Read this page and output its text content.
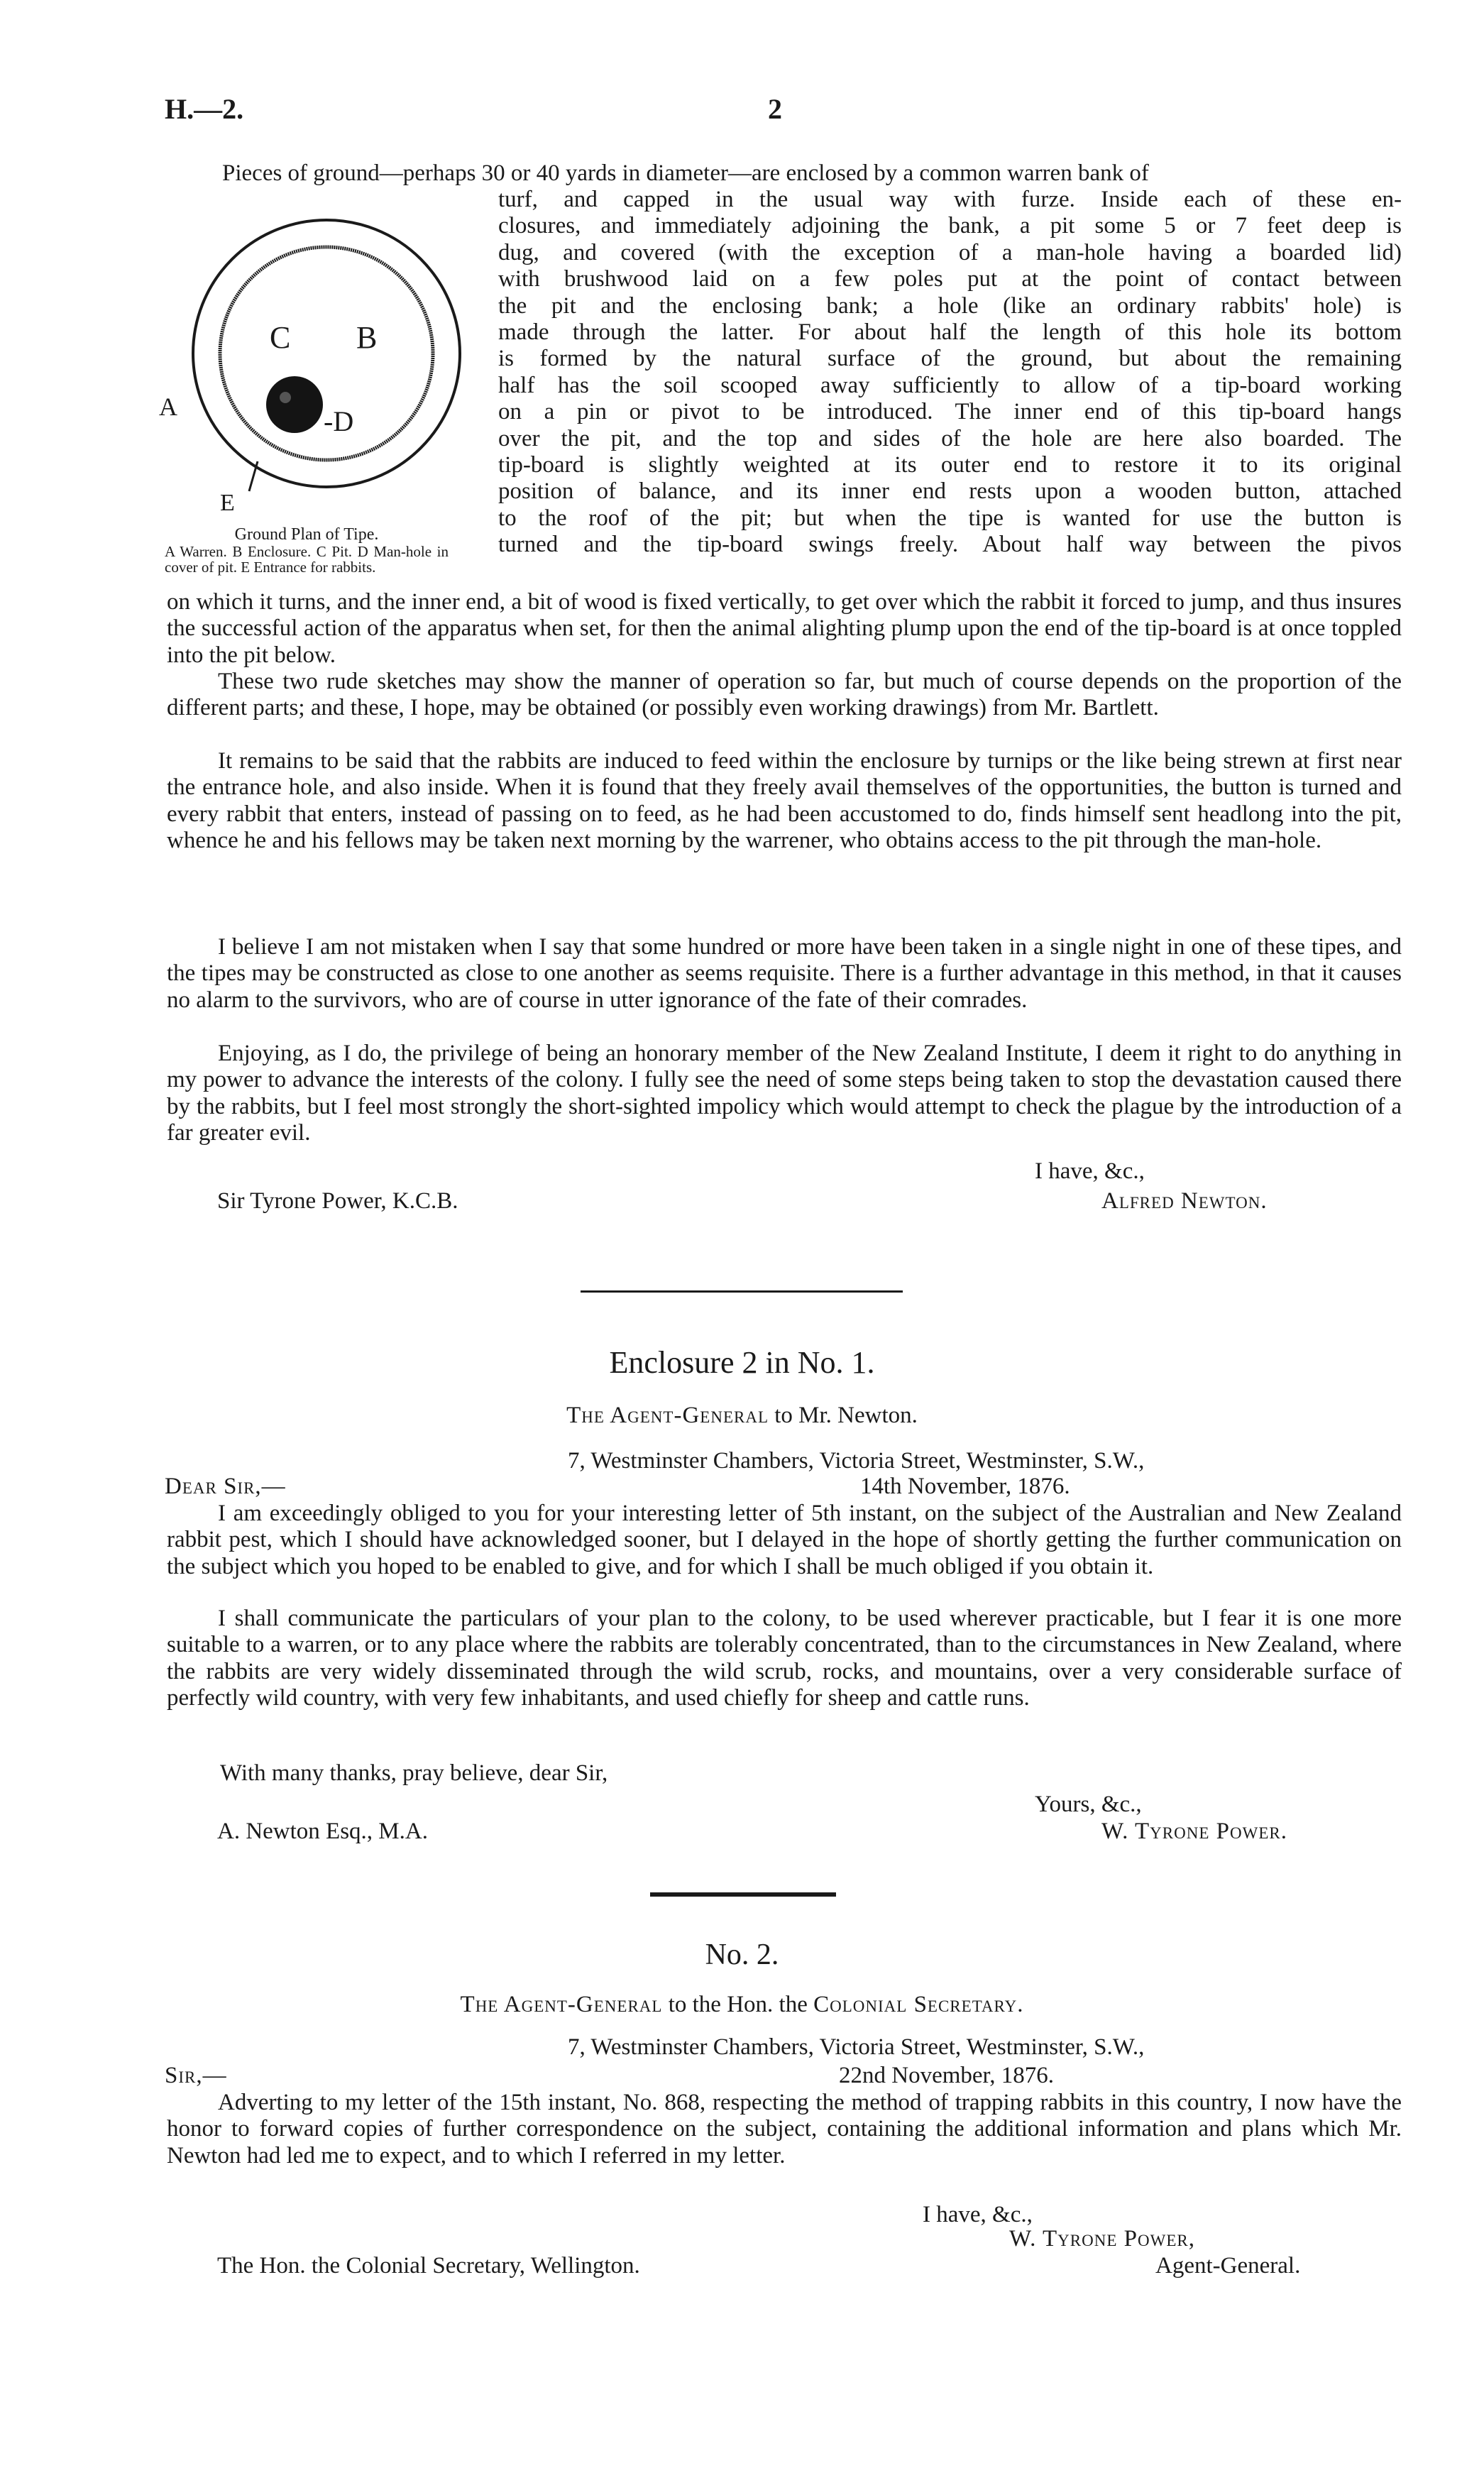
H.—2.	2

Pieces of ground—perhaps 30 or 40 yards in diameter—are enclosed by a common warren bank of

C B
A	-D
E
Ground Plan of Tipe.
A Warren. B Enclosure. C Pit. D Man-hole in cover of pit. E Entrance for rabbits.
turf, and capped in the usual way with furze. Inside each of these en-
closures, and immediately adjoining the bank, a pit some 5 or 7 feet deep is
dug, and covered (with the exception of a man-hole having a boarded lid)
with brushwood laid on a few poles put at the point of contact between
the pit and the enclosing bank; a hole (like an ordinary rabbits' hole) is
made through the latter. For about half the length of this hole its bottom
is formed by the natural surface of the ground, but about the remaining
half has the soil scooped away sufficiently to allow of a tip-board working
on a pin or pivot to be introduced. The inner end of this tip-board hangs
over the pit, and the top and sides of the hole are here also boarded. The
tip-board is slightly weighted at its outer end to restore it to its original
position of balance, and its inner end rests upon a wooden button, attached
to the roof of the pit; but when the tipe is wanted for use the button is
turned and the tip-board swings freely. About half way between the pivos

on which it turns, and the inner end, a bit of wood is fixed vertically, to get over which the rabbit it forced to jump, and thus insures the successful action of the apparatus when set, for then the animal alighting plump upon the end of the tip-board is at once toppled into the pit below.

These two rude sketches may show the manner of operation so far, but much of course depends on the proportion of the different parts; and these, I hope, may be obtained (or possibly even working drawings) from Mr. Bartlett.

It remains to be said that the rabbits are induced to feed within the enclosure by turnips or the like being strewn at first near the entrance hole, and also inside. When it is found that they freely avail themselves of the opportunities, the button is turned and every rabbit that enters, instead of passing on to feed, as he had been accustomed to do, finds himself sent headlong into the pit, whence he and his fellows may be taken next morning by the warrener, who obtains access to the pit through the man-hole.

I believe I am not mistaken when I say that some hundred or more have been taken in a single night in one of these tipes, and the tipes may be constructed as close to one another as seems requisite. There is a further advantage in this method, in that it causes no alarm to the survivors, who are of course in utter ignorance of the fate of their comrades.

Enjoying, as I do, the privilege of being an honorary member of the New Zealand Institute, I deem it right to do anything in my power to advance the interests of the colony. I fully see the need of some steps being taken to stop the devastation caused there by the rabbits, but I feel most strongly the short-sighted impolicy which would attempt to check the plague by the introduction of a far greater evil.

I have, &c.,
Sir Tyrone Power, K.C.B.	Alfred Newton.
Enclosure 2 in No. 1.
The Agent-General to Mr. Newton.
7, Westminster Chambers, Victoria Street, Westminster, S.W.,
Dear Sir,—	14th November, 1876.

I am exceedingly obliged to you for your interesting letter of 5th instant, on the subject of the Australian and New Zealand rabbit pest, which I should have acknowledged sooner, but I delayed in the hope of shortly getting the further communication on the subject which you hoped to be enabled to give, and for which I shall be much obliged if you obtain it.

I shall communicate the particulars of your plan to the colony, to be used wherever practicable, but I fear it is one more suitable to a warren, or to any place where the rabbits are tolerably concentrated, than to the circumstances in New Zealand, where the rabbits are very widely disseminated through the wild scrub, rocks, and mountains, over a very considerable surface of perfectly wild country, with very few inhabitants, and used chiefly for sheep and cattle runs.

With many thanks, pray believe, dear Sir,
Yours, &c.,
A. Newton Esq., M.A.	W. Tyrone Power.
No. 2.
The Agent-General to the Hon. the Colonial Secretary.
7, Westminster Chambers, Victoria Street, Westminster, S.W.,
Sir,—	22nd November, 1876.

Adverting to my letter of the 15th instant, No. 868, respecting the method of trapping rabbits in this country, I now have the honor to forward copies of further correspondence on the subject, containing the additional information and plans which Mr. Newton had led me to expect, and to which I referred in my letter.

I have, &c.,
W. Tyrone Power,
The Hon. the Colonial Secretary, Wellington.	Agent-General.
